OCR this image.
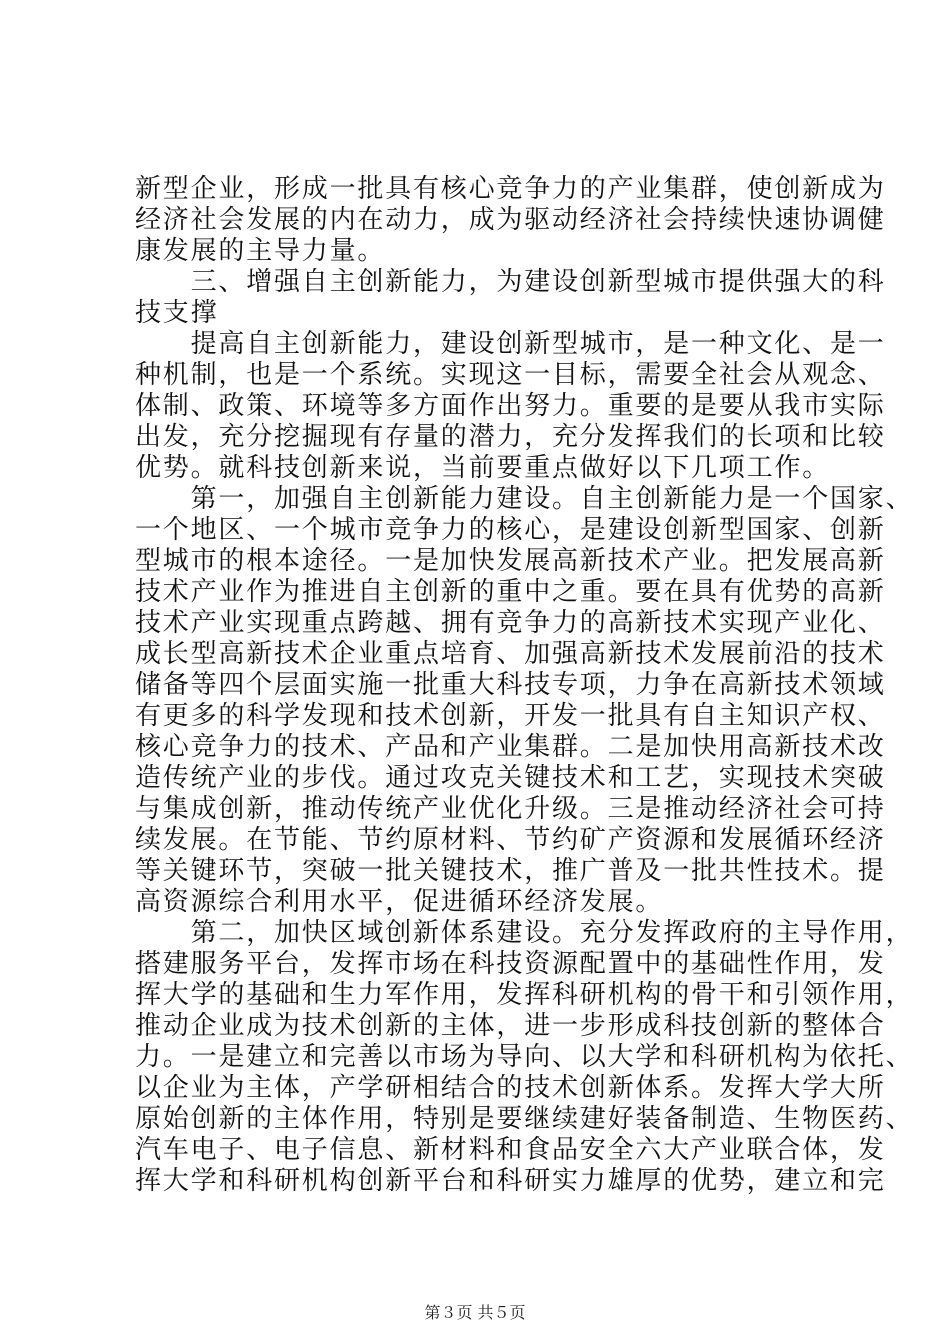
新型企业，形成一批具有核心竞争力的产业集群，使创新成为
经济社会发展的内在动力，成为驱动经济社会持续快速协调健
康发展的主导力量。
　　三、增强自主创新能力，为建设创新型城市提供强大的科
技支撑
　　提高自主创新能力，建设创新型城市，是一种文化、是一
种机制，也是一个系统。实现这一目标，需要全社会从观念、
体制、政策、环境等多方面作出努力。重要的是要从我市实际
出发，充分挖掘现有存量的潜力，充分发挥我们的长项和比较
优势。就科技创新来说，当前要重点做好以下几项工作。
　　第一，加强自主创新能力建设。自主创新能力是一个国家、
一个地区、一个城市竞争力的核心，是建设创新型国家、创新
型城市的根本途径。一是加快发展高新技术产业。把发展高新
技术产业作为推进自主创新的重中之重。要在具有优势的高新
技术产业实现重点跨越、拥有竞争力的高新技术实现产业化、
成长型高新技术企业重点培育、加强高新技术发展前沿的技术
储备等四个层面实施一批重大科技专项，力争在高新技术领域
有更多的科学发现和技术创新，开发一批具有自主知识产权、
核心竞争力的技术、产品和产业集群。二是加快用高新技术改
造传统产业的步伐。通过攻克关键技术和工艺，实现技术突破
与集成创新，推动传统产业优化升级。三是推动经济社会可持
续发展。在节能、节约原材料、节约矿产资源和发展循环经济
等关键环节，突破一批关键技术，推广普及一批共性技术。提
高资源综合利用水平，促进循环经济发展。
　　第二，加快区域创新体系建设。充分发挥政府的主导作用，
搭建服务平台，发挥市场在科技资源配置中的基础性作用，发
挥大学的基础和生力军作用，发挥科研机构的骨干和引领作用，
推动企业成为技术创新的主体，进一步形成科技创新的整体合
力。一是建立和完善以市场为导向、以大学和科研机构为依托、
以企业为主体，产学研相结合的技术创新体系。发挥大学大所
原始创新的主体作用，特别是要继续建好装备制造、生物医药、
汽车电子、电子信息、新材料和食品安全六大产业联合体，发
挥大学和科研机构创新平台和科研实力雄厚的优势，建立和完
第３页 共５页
